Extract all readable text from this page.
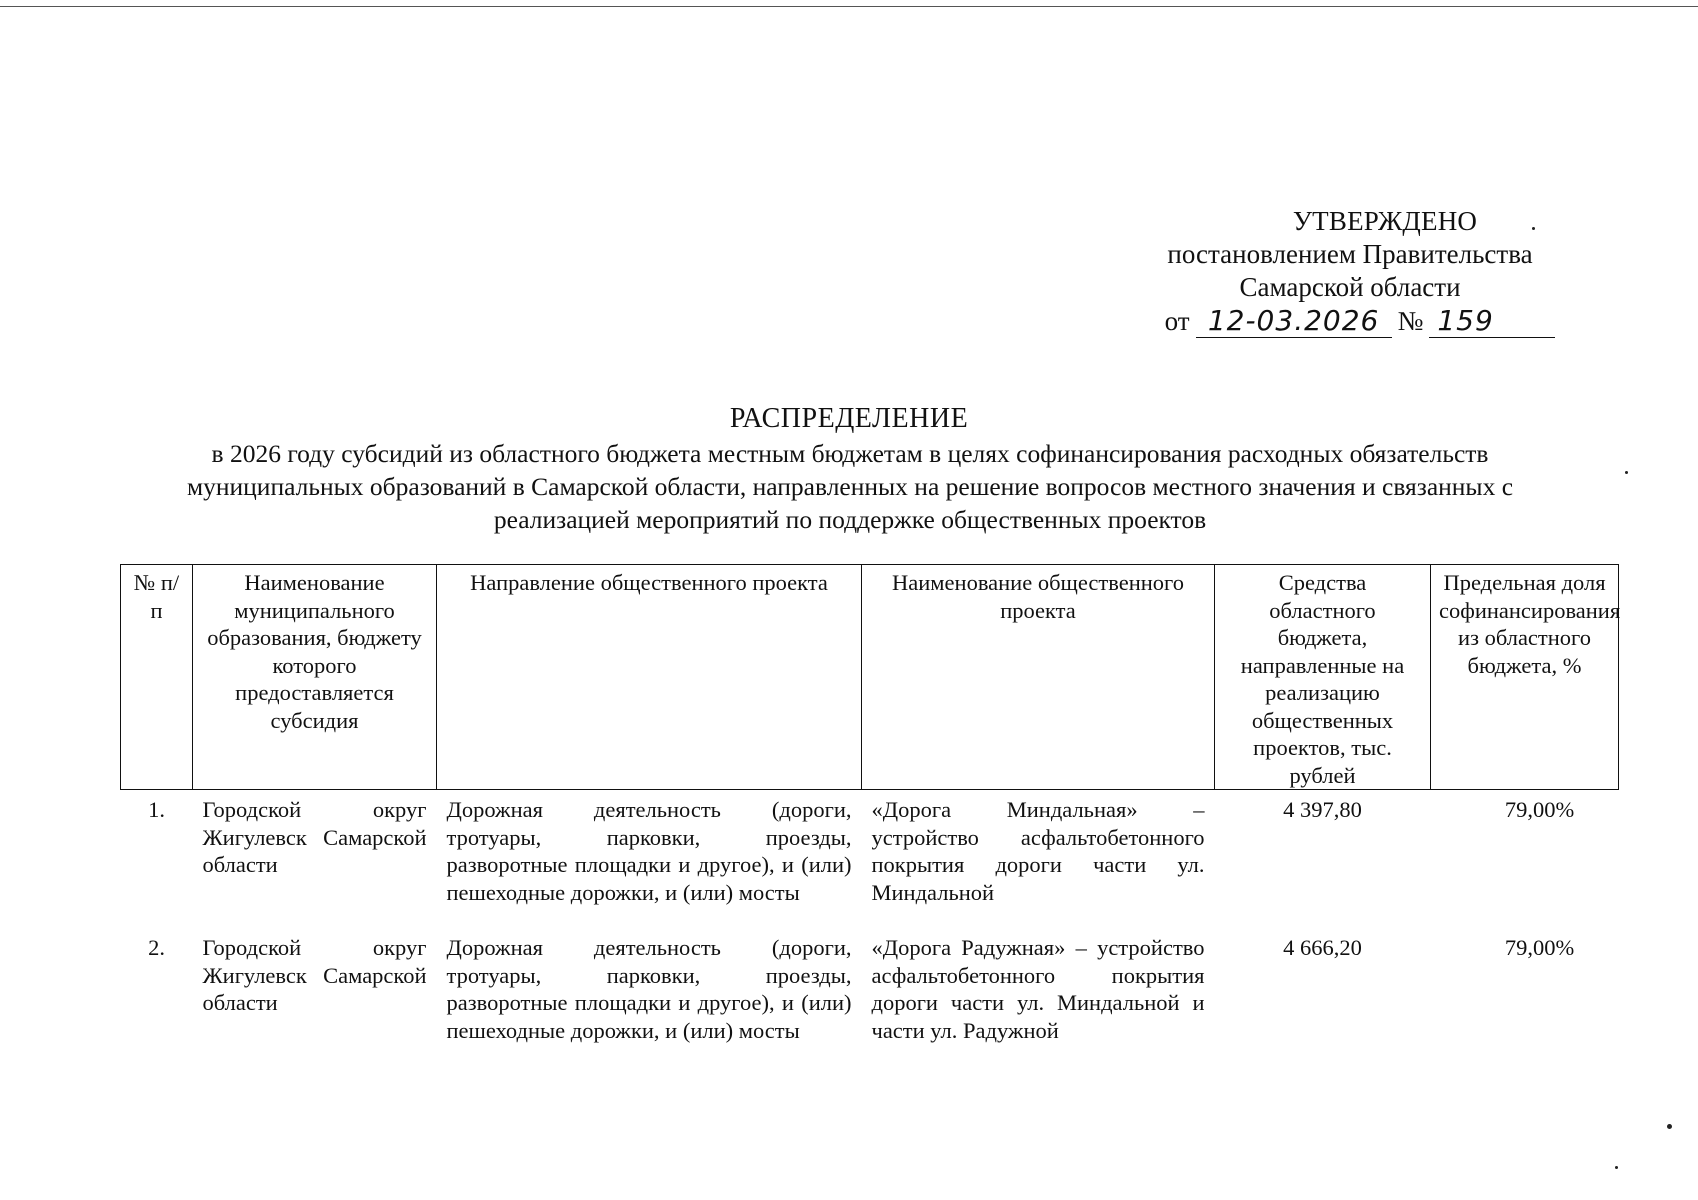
УТВЕРЖДЕНО
постановлением Правительства
Самарской области
от 12-03.2026 № 159
РАСПРЕДЕЛЕНИЕ
в 2026 году субсидий из областного бюджета местным бюджетам в целях софинансирования расходных обязательств муниципальных образований в Самарской области, направленных на решение вопросов местного значения и связанных с реализацией мероприятий по поддержке общественных проектов
№ п/п	Наименование муниципального образования, бюджету которого предоставляется субсидия	Направление общественного проекта	Наименование общественного проекта	Средства областного бюджета, направленные на реализацию общественных проектов, тыс. рублей	Предельная доля софинансирования из областного бюджета, %
1.	Городской округ Жигулевск Самарской области	Дорожная деятельность (дороги, тротуары, парковки, проезды, разворотные площадки и другое), и (или) пешеходные дорожки, и (или) мосты	«Дорога Миндальная» – устройство асфальтобетонного покрытия дороги части ул. Миндальной	4 397,80	79,00%
2.	Городской округ Жигулевск Самарской области	Дорожная деятельность (дороги, тротуары, парковки, проезды, разворотные площадки и другое), и (или) пешеходные дорожки, и (или) мосты	«Дорога Радужная» – устройство асфальтобетонного покрытия дороги части ул. Миндальной и части ул. Радужной	4 666,20	79,00%
